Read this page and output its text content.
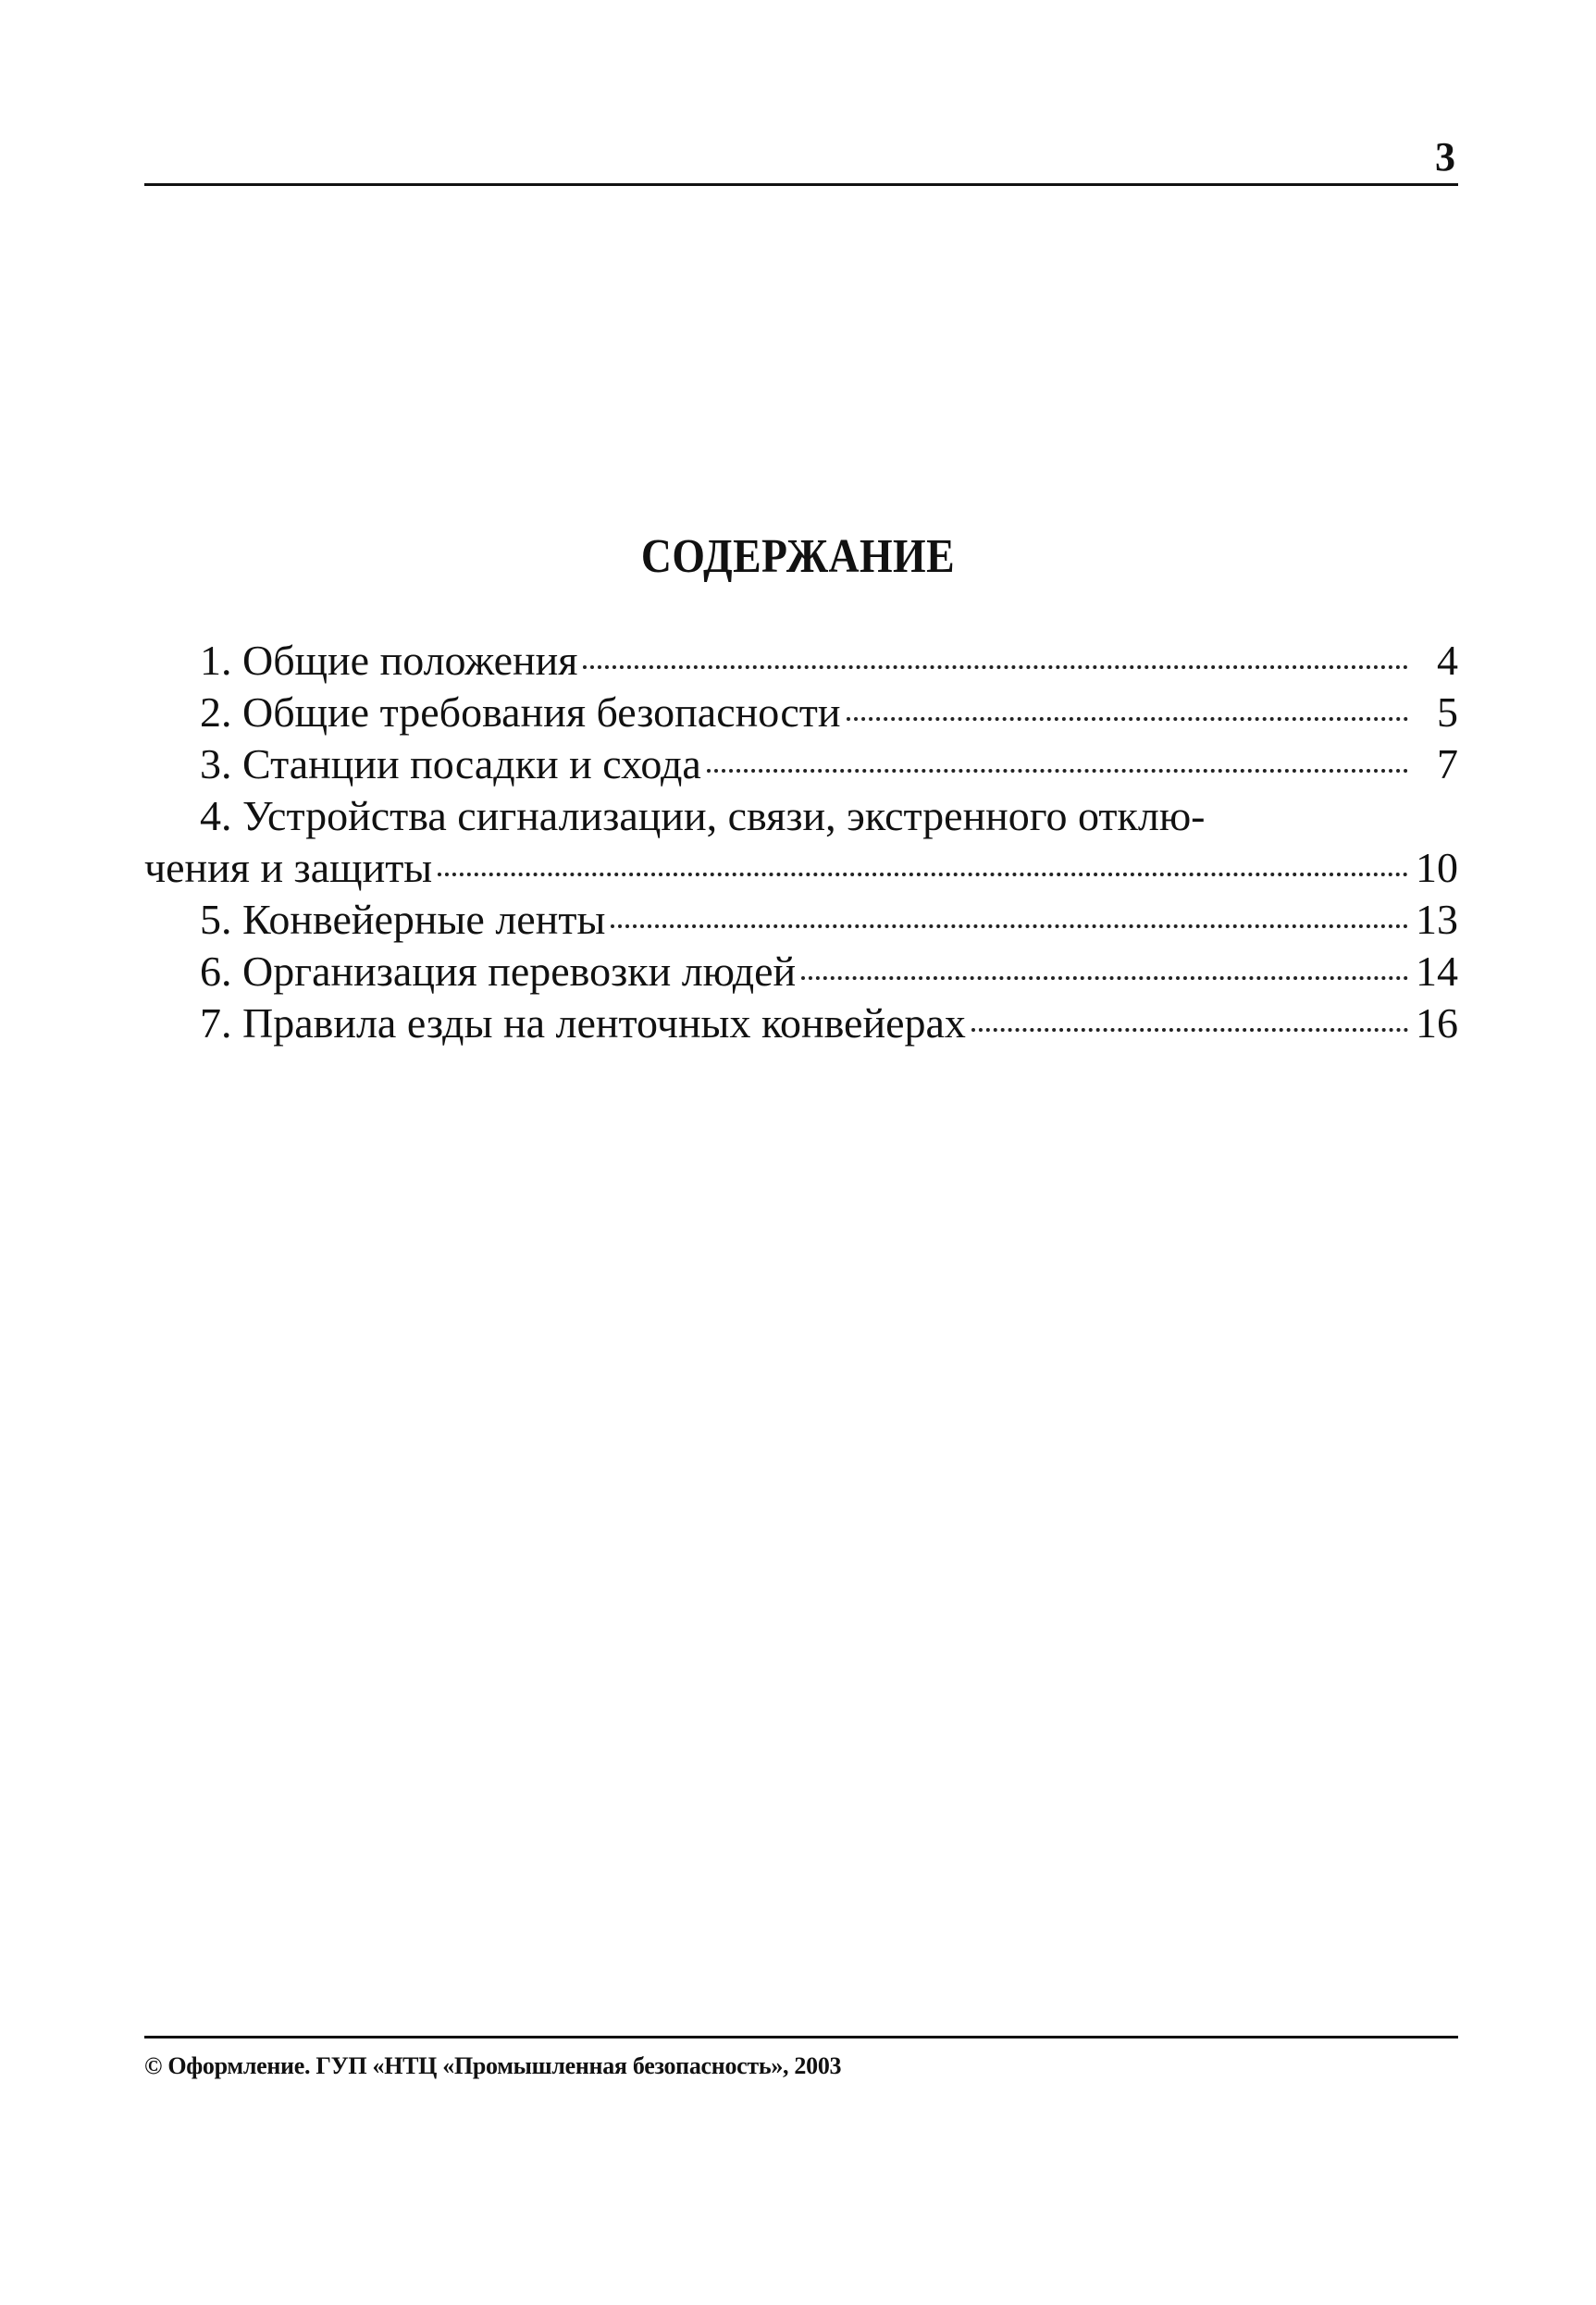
3
СОДЕРЖАНИЕ
1. Общие положения	4
2. Общие требования безопасности	5
3. Станции посадки и схода	7
4. Устройства сигнализации, связи, экстренного отклю-
чения и защиты	10
5. Конвейерные ленты	13
6. Организация перевозки людей	14
7. Правила езды на ленточных конвейерах	16
© Оформление. ГУП «НТЦ «Промышленная безопасность», 2003
